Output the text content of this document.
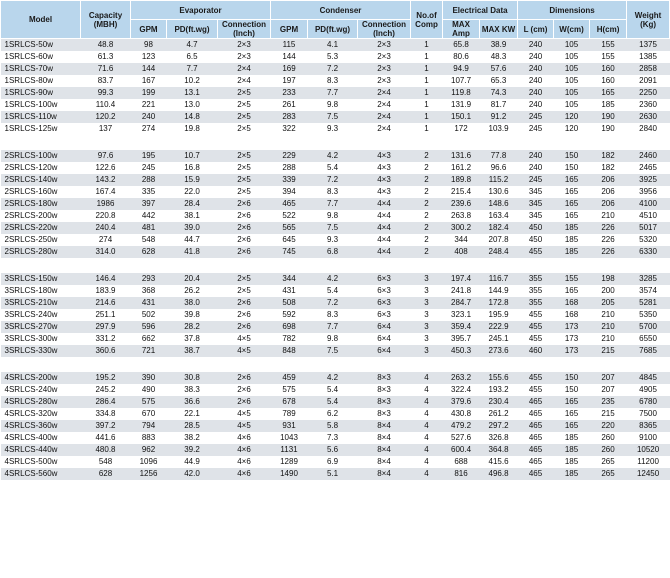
Model	Capacity (MBH)	Evaporator			Condenser			No.of Comp	Electrical Data		Dimensions			Weight (Kg)
		GPM	PD(ft.wg)	Connection (Inch)	GPM	PD(ft.wg)	Connection (Inch)		MAX Amp	MAX KW	L (cm)	W(cm)	H(cm)	
1SRLCS-50w	48.8	98	4.7	2×3	115	4.1	2×3	1	65.8	38.9	240	105	155	1375
1SRLCS-60w	61.3	123	6.5	2×3	144	5.3	2×3	1	80.6	48.3	240	105	155	1385
1SRLCS-70w	71.6	144	7.7	2×4	169	7.2	2×3	1	94.9	57.6	240	105	160	2858
1SRLCS-80w	83.7	167	10.2	2×4	197	8.3	2×3	1	107.7	65.3	240	105	160	2091
1SRLCS-90w	99.3	199	13.1	2×5	233	7.7	2×4	1	119.8	74.3	240	105	165	2250
1SRLCS-100w	110.4	221	13.0	2×5	261	9.8	2×4	1	131.9	81.7	240	105	185	2360
1SRLCS-110w	120.2	240	14.8	2×5	283	7.5	2×4	1	150.1	91.2	245	120	190	2630
1SRLCS-125w	137	274	19.8	2×5	322	9.3	2×4	1	172	103.9	245	120	190	2840

2SRLCS-100w	97.6	195	10.7	2×5	229	4.2	4×3	2	131.6	77.8	240	150	182	2460
2SRLCS-120w	122.6	245	16.8	2×5	288	5.4	4×3	2	161.2	96.6	240	150	182	2465
2SRLCS-140w	143.2	288	15.9	2×5	339	7.2	4×3	2	189.8	115.2	245	165	206	3925
2SRLCS-160w	167.4	335	22.0	2×5	394	8.3	4×3	2	215.4	130.6	345	165	206	3956
2SRLCS-180w	1986	397	28.4	2×6	465	7.7	4×4	2	239.6	148.6	345	165	206	4100
2SRLCS-200w	220.8	442	38.1	2×6	522	9.8	4×4	2	263.8	163.4	345	165	210	4510
2SRLCS-220w	240.4	481	39.0	2×6	565	7.5	4×4	2	300.2	182.4	450	185	226	5017
2SRLCS-250w	274	548	44.7	2×6	645	9.3	4×4	2	344	207.8	450	185	226	5320
2SRLCS-280w	314.0	628	41.8	2×6	745	6.8	4×4	2	408	248.4	455	185	226	6330

3SRLCS-150w	146.4	293	20.4	2×5	344	4.2	6×3	3	197.4	116.7	355	155	198	3285
3SRLCS-180w	183.9	368	26.2	2×5	431	5.4	6×3	3	241.8	144.9	355	165	200	3574
3SRLCS-210w	214.6	431	38.0	2×6	508	7.2	6×3	3	284.7	172.8	355	168	205	5281
3SRLCS-240w	251.1	502	39.8	2×6	592	8.3	6×3	3	323.1	195.9	455	168	210	5350
3SRLCS-270w	297.9	596	28.2	2×6	698	7.7	6×4	3	359.4	222.9	455	173	210	5700
3SRLCS-300w	331.2	662	37.8	4×5	782	9.8	6×4	3	395.7	245.1	455	173	210	6550
3SRLCS-330w	360.6	721	38.7	4×5	848	7.5	6×4	3	450.3	273.6	460	173	215	7685

4SRLCS-200w	195.2	390	30.8	2×6	459	4.2	8×3	4	263.2	155.6	455	150	207	4845
4SRLCS-240w	245.2	490	38.3	2×6	575	5.4	8×3	4	322.4	193.2	455	150	207	4905
4SRLCS-280w	286.4	575	36.6	2×6	678	5.4	8×3	4	379.6	230.4	465	165	235	6780
4SRLCS-320w	334.8	670	22.1	4×5	789	6.2	8×3	4	430.8	261.2	465	165	215	7500
4SRLCS-360w	397.2	794	28.5	4×5	931	5.8	8×4	4	479.2	297.2	465	165	220	8365
4SRLCS-400w	441.6	883	38.2	4×6	1043	7.3	8×4	4	527.6	326.8	465	185	260	9100
4SRLCS-440w	480.8	962	39.2	4×6	1131	5.6	8×4	4	600.4	364.8	465	185	260	10520
4SRLCS-500w	548	1096	44.9	4×6	1289	6.9	8×4	4	688	415.6	465	185	265	11200
4SRLCS-560w	628	1256	42.0	4×6	1490	5.1	8×4	4	816	496.8	465	185	265	12450
